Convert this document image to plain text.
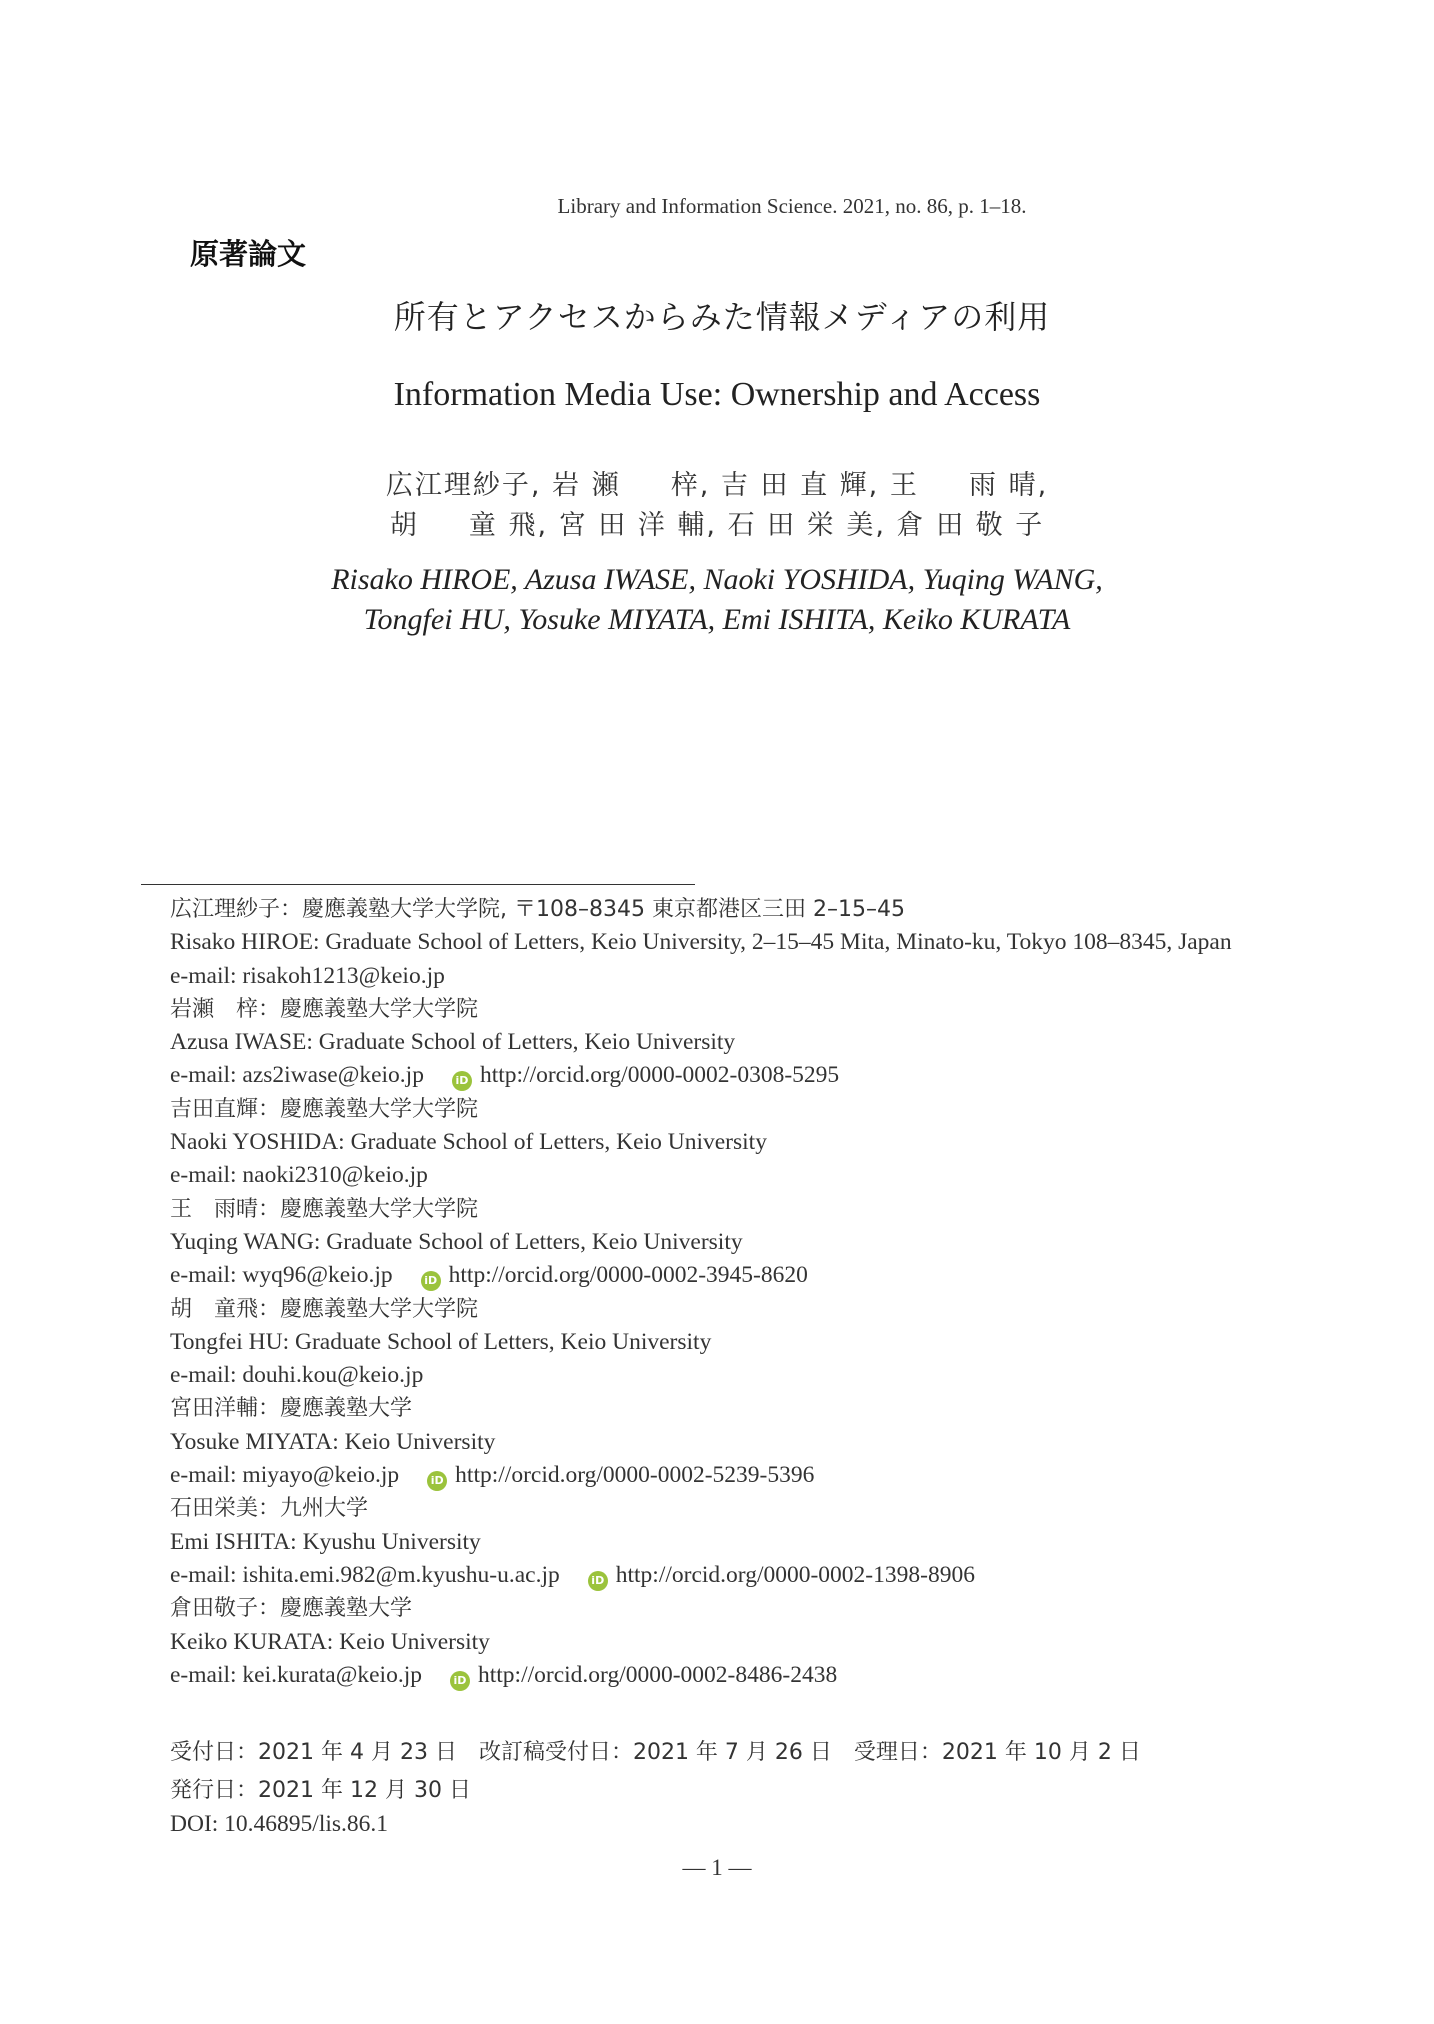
Library and Information Science. 2021, no. 86, p. 1–18.
原著論文
所有とアクセスからみた情報メディアの利用
Information Media Use: Ownership and Access
広江理紗子, 岩 瀬 　 梓, 吉 田 直 輝, 王 　 雨 晴,
胡 　 童 飛, 宮 田 洋 輔, 石 田 栄 美, 倉 田 敬 子
Risako HIROE, Azusa IWASE, Naoki YOSHIDA, Yuqing WANG,
Tongfei HU, Yosuke MIYATA, Emi ISHITA, Keiko KURATA
広江理紗子：慶應義塾大学大学院, 〒108–8345 東京都港区三田 2–15–45
Risako HIROE: Graduate School of Letters, Keio University, 2–15–45 Mita, Minato-ku, Tokyo 108–8345, Japan
e-mail: risakoh1213@keio.jp
岩瀬　梓：慶應義塾大学大学院
Azusa IWASE: Graduate School of Letters, Keio University
e-mail: azs2iwase@keio.jp	iD http://orcid.org/0000-0002-0308-5295
吉田直輝：慶應義塾大学大学院
Naoki YOSHIDA: Graduate School of Letters, Keio University
e-mail: naoki2310@keio.jp
王　雨晴：慶應義塾大学大学院
Yuqing WANG: Graduate School of Letters, Keio University
e-mail: wyq96@keio.jp	iD http://orcid.org/0000-0002-3945-8620
胡　童飛：慶應義塾大学大学院
Tongfei HU: Graduate School of Letters, Keio University
e-mail: douhi.kou@keio.jp
宮田洋輔：慶應義塾大学
Yosuke MIYATA: Keio University
e-mail: miyayo@keio.jp	iD http://orcid.org/0000-0002-5239-5396
石田栄美：九州大学
Emi ISHITA: Kyushu University
e-mail: ishita.emi.982@m.kyushu-u.ac.jp	iD http://orcid.org/0000-0002-1398-8906
倉田敬子：慶應義塾大学
Keiko KURATA: Keio University
e-mail: kei.kurata@keio.jp	iD http://orcid.org/0000-0002-8486-2438
受付日：2021 年 4 月 23 日　改訂稿受付日：2021 年 7 月 26 日　受理日：2021 年 10 月 2 日
発行日：2021 年 12 月 30 日
DOI: 10.46895/lis.86.1
— 1 —
